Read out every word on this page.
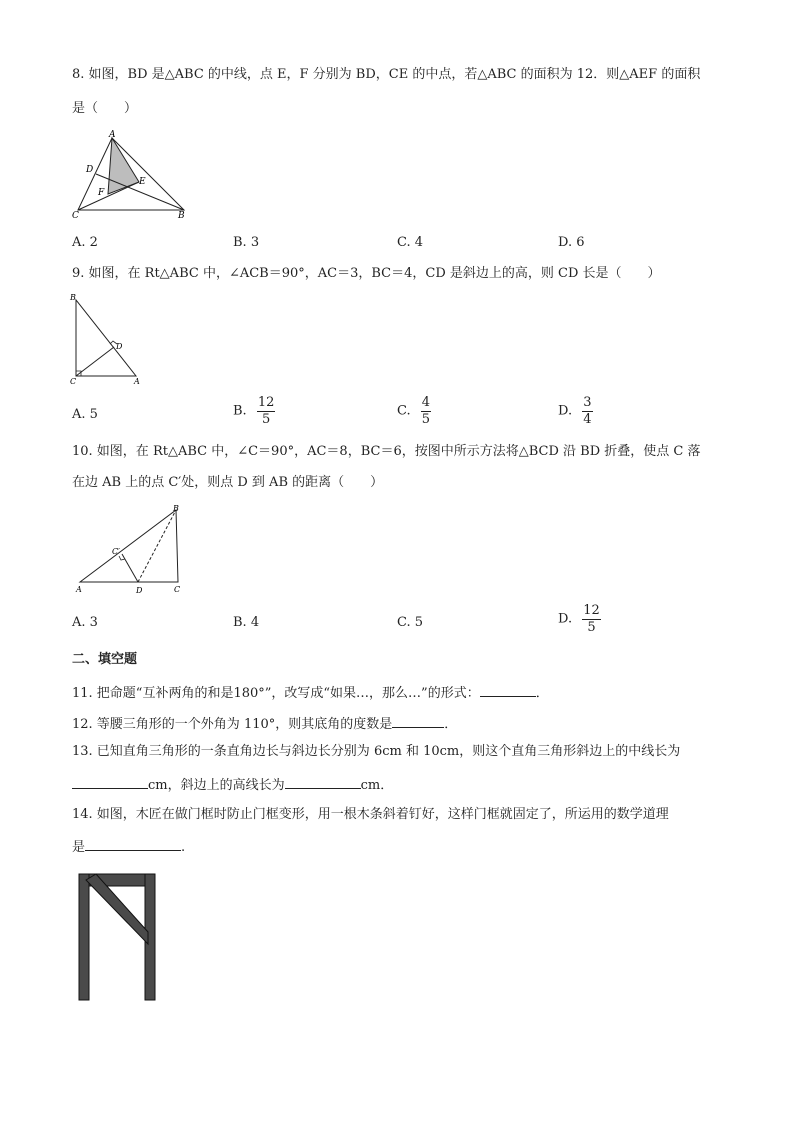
8. 如图，BD 是△ABC 的中线，点 E，F 分别为 BD，CE 的中点，若△ABC 的面积为 12．则△AEF 的面积
是（　　）
A
D
F
E
C	B
A. 2	B. 3	C. 4	D. 6
9. 如图，在 Rt△ABC 中，∠ACB＝90°，AC＝3，BC＝4，CD 是斜边上的高，则 CD 长是（　　）
B
D
C	A
A. 5	B. $\frac{12}{5}$	C. $\frac{4}{5}$	D. $\frac{3}{4}$
10. 如图，在 Rt△ABC 中，∠C＝90°，AC＝8，BC＝6，按图中所示方法将△BCD 沿 BD 折叠，使点 C 落
在边 AB 上的点 C′处，则点 D 到 AB 的距离（　　）
B
C′
A	D	C
A. 3	B. 4	C. 5	D. $\frac{12}{5}$
二、填空题
11. 把命题“互补两角的和是180°”，改写成“如果…，那么…”的形式：	．
12. 等腰三角形的一个外角为 110°，则其底角的度数是	．
13. 已知直角三角形的一条直角边长与斜边长分别为 6cm 和 10cm，则这个直角三角形斜边上的中线长为
cm，斜边上的高线长为	cm．
14. 如图，木匠在做门框时防止门框变形，用一根木条斜着钉好，这样门框就固定了，所运用的数学道理
是	.
